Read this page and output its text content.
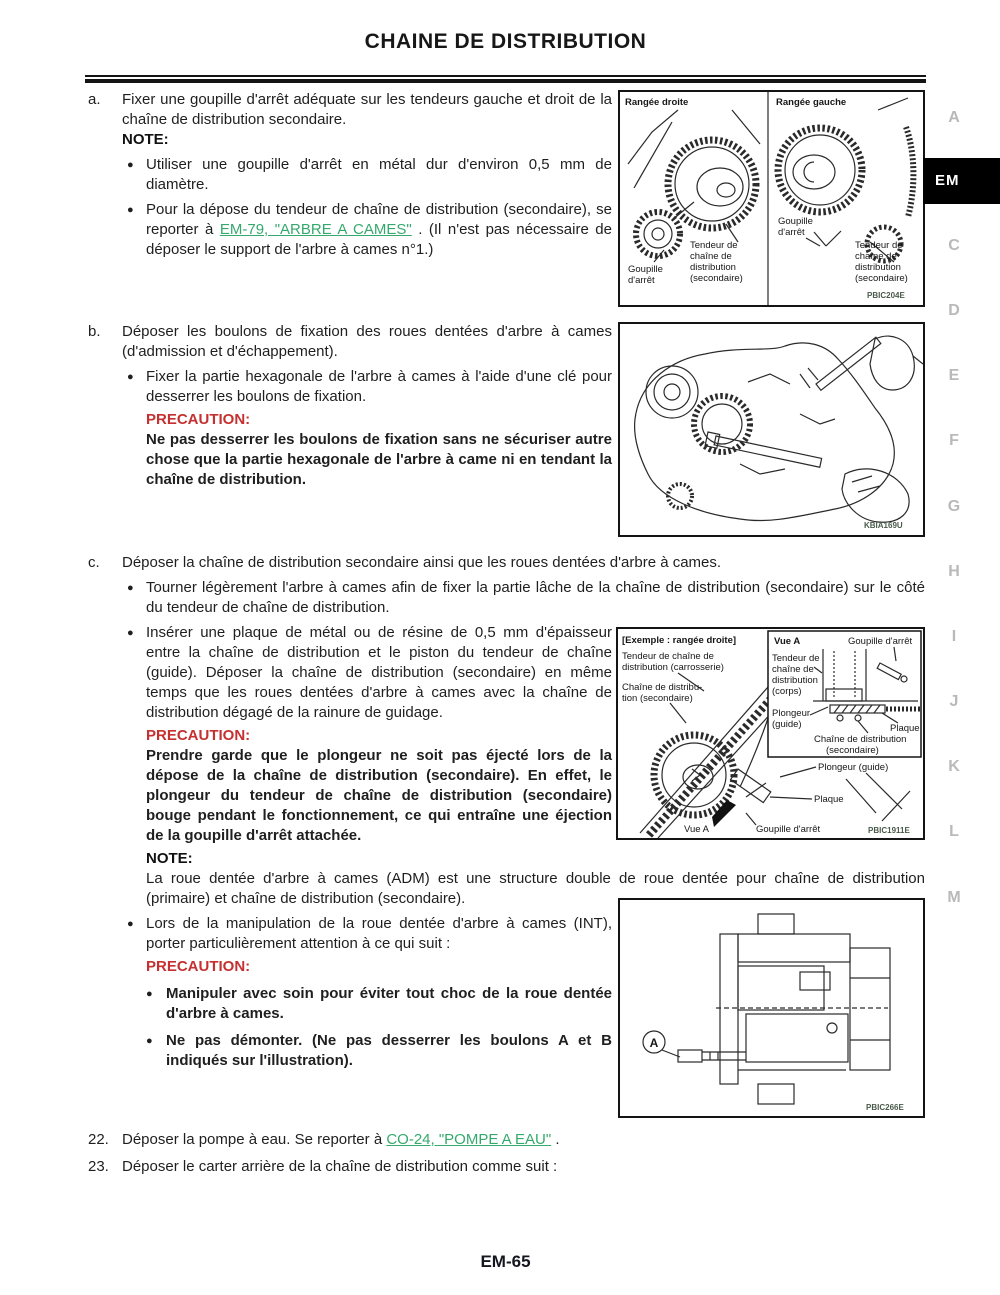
CHAINE DE DISTRIBUTION
a.	Fixer une goupille d'arrêt adéquate sur les tendeurs gauche et droit de la chaîne de distribution secondaire.
NOTE:
● Utiliser une goupille d'arrêt en métal dur d'environ 0,5 mm de diamètre.
● Pour la dépose du tendeur de chaîne de distribution (secondaire), se reporter à EM-79, "ARBRE A CAMES" . (Il n'est pas nécessaire de déposer le support de l'arbre à cames n°1.)
Rangée droite
Goupille
d'arrêt
Tendeur de
chaîne de
distribution
(secondaire)
Rangée gauche
Goupille
d'arrêt
Tendeur de
chaîne de
distribution
(secondaire)
PBIC204E
b.	Déposer les boulons de fixation des roues dentées d'arbre à cames (d'admission et d'échappement).
● Fixer la partie hexagonale de l'arbre à cames à l'aide d'une clé pour desserrer les boulons de fixation.
PRECAUTION:
Ne pas desserrer les boulons de fixation sans ne sécuriser autre chose que la partie hexagonale de l'arbre à came ni en tendant la chaîne de distribution.
KBIA169U
c.	Déposer la chaîne de distribution secondaire ainsi que les roues dentées d'arbre à cames.
● Tourner légèrement l'arbre à cames afin de fixer la partie lâche de la chaîne de distribution (secondaire) sur le côté du tendeur de chaîne de distribution.
● Insérer une plaque de métal ou de résine de 0,5 mm d'épaisseur entre la chaîne de distribution et le piston du tendeur de chaîne (guide). Déposer la chaîne de distribution (secondaire) en même temps que les roues dentées d'arbre à cames avec la chaîne de distribution dégagé de la rainure de guidage.
PRECAUTION:
Prendre garde que le plongeur ne soit pas éjecté lors de la dépose de la chaîne de distribution (secondaire). En effet, le plongeur du tendeur de chaîne de distribution (secondaire) bouge pendant le fonctionnement, ce qui entraîne une éjection de la goupille d'arrêt attachée.
NOTE:
La roue dentée d'arbre à cames (ADM) est une structure double de roue dentée pour chaîne de distribution (primaire) et chaîne de distribution (secondaire).
● Lors de la manipulation de la roue dentée d'arbre à cames (INT), porter particulièrement attention à ce qui suit :
PRECAUTION:
● Manipuler avec soin pour éviter tout choc de la roue dentée d'arbre à cames.
● Ne pas démonter. (Ne pas desserrer les boulons A et B indiqués sur l'illustration).
[Exemple : rangée droite]
Tendeur de chaîne de
distribution (carrosserie)
Chaîne de distribu-
tion (secondaire)
Plongeur (guide)
Plaque
Vue A	Goupille d'arrêt
Vue A	Goupille d'arrêt
Tendeur de
chaîne de
distribution
(corps)
Plongeur
(guide)	Plaque
Chaîne de distribution
(secondaire)
PBIC1911E
A
PBIC266E
22. Déposer la pompe à eau. Se reporter à CO-24, "POMPE A EAU" .
23. Déposer le carter arrière de la chaîne de distribution comme suit :
A
EM
C
D
E
F
G
H
I
J
K
L
M
EM-65
